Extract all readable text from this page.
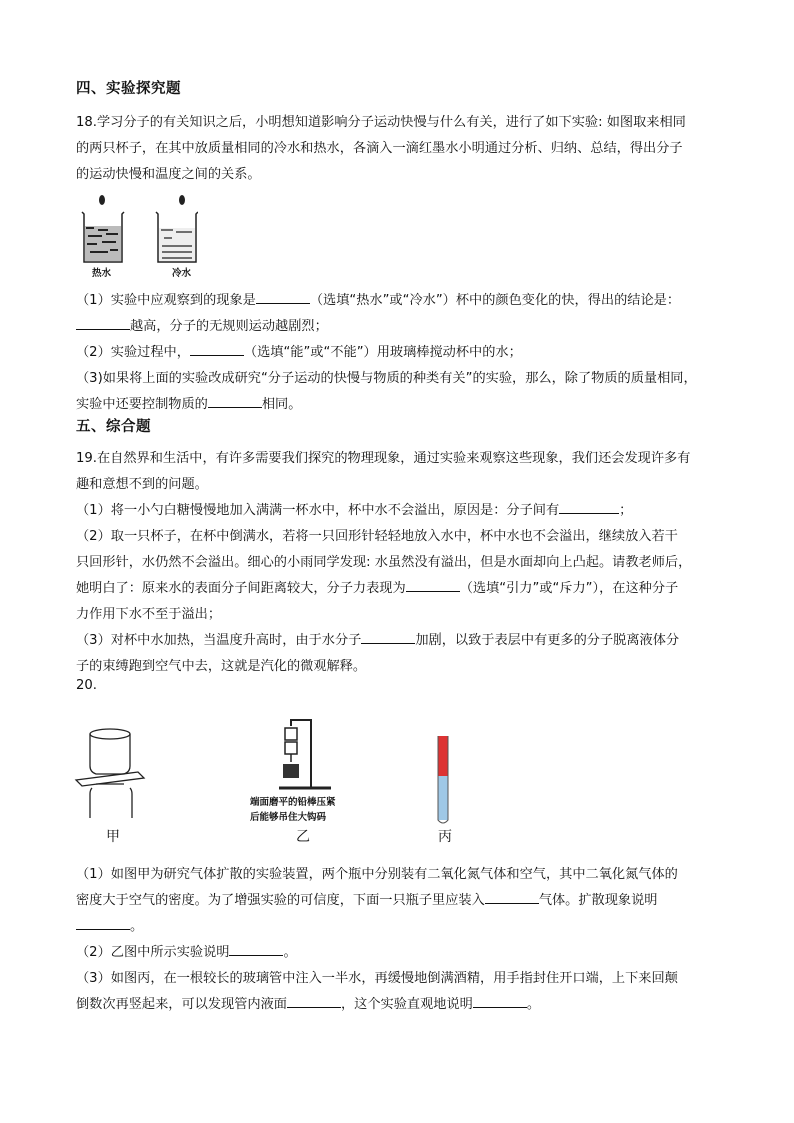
四、实验探究题
18.学习分子的有关知识之后，小明想知道影响分子运动快慢与什么有关，进行了如下实验: 如图取来相同
的两只杯子，在其中放质量相同的冷水和热水，各滴入一滴红墨水小明通过分析、归纳、总结，得出分子
的运动快慢和温度之间的关系。
热水	冷水
（1）实验中应观察到的现象是	（选填“热水”或“冷水”）杯中的颜色变化的快，得出的结论是：
越高，分子的无规则运动越剧烈；
（2）实验过程中，	（选填“能”或“不能”）用玻璃棒搅动杯中的水；
（3)如果将上面的实验改成研究“分子运动的快慢与物质的种类有关”的实验，那么，除了物质的质量相同，
实验中还要控制物质的	相同。
五、综合题
19.在自然界和生活中，有许多需要我们探究的物理现象，通过实验来观察这些现象，我们还会发现许多有
趣和意想不到的问题。
（1）将一小勺白糖慢慢地加入满满一杯水中，杯中水不会溢出，原因是：分子间有	；
（2）取一只杯子，在杯中倒满水，若将一只回形针轻轻地放入水中，杯中水也不会溢出，继续放入若干
只回形针，水仍然不会溢出。细心的小雨同学发现: 水虽然没有溢出，但是水面却向上凸起。请教老师后，
她明白了：原来水的表面分子间距离较大，分子力表现为	（选填“引力”或“斥力”），在这种分子
力作用下水不至于溢出；
（3）对杯中水加热，当温度升高时，由于水分子	加剧，以致于表层中有更多的分子脱离液体分
子的束缚跑到空气中去，这就是汽化的微观解释。
20.
甲
端面磨平的铅棒压紧
后能够吊住大钩码
乙	丙
（1）如图甲为研究气体扩散的实验装置，两个瓶中分别装有二氧化氮气体和空气，其中二氧化氮气体的
密度大于空气的密度。为了增强实验的可信度，下面一只瓶子里应装入	气体。扩散现象说明
。
（2）乙图中所示实验说明	。
（3）如图丙，在一根较长的玻璃管中注入一半水，再缓慢地倒满酒精，用手指封住开口端，上下来回颠
倒数次再竖起来，可以发现管内液面	，这个实验直观地说明	。
